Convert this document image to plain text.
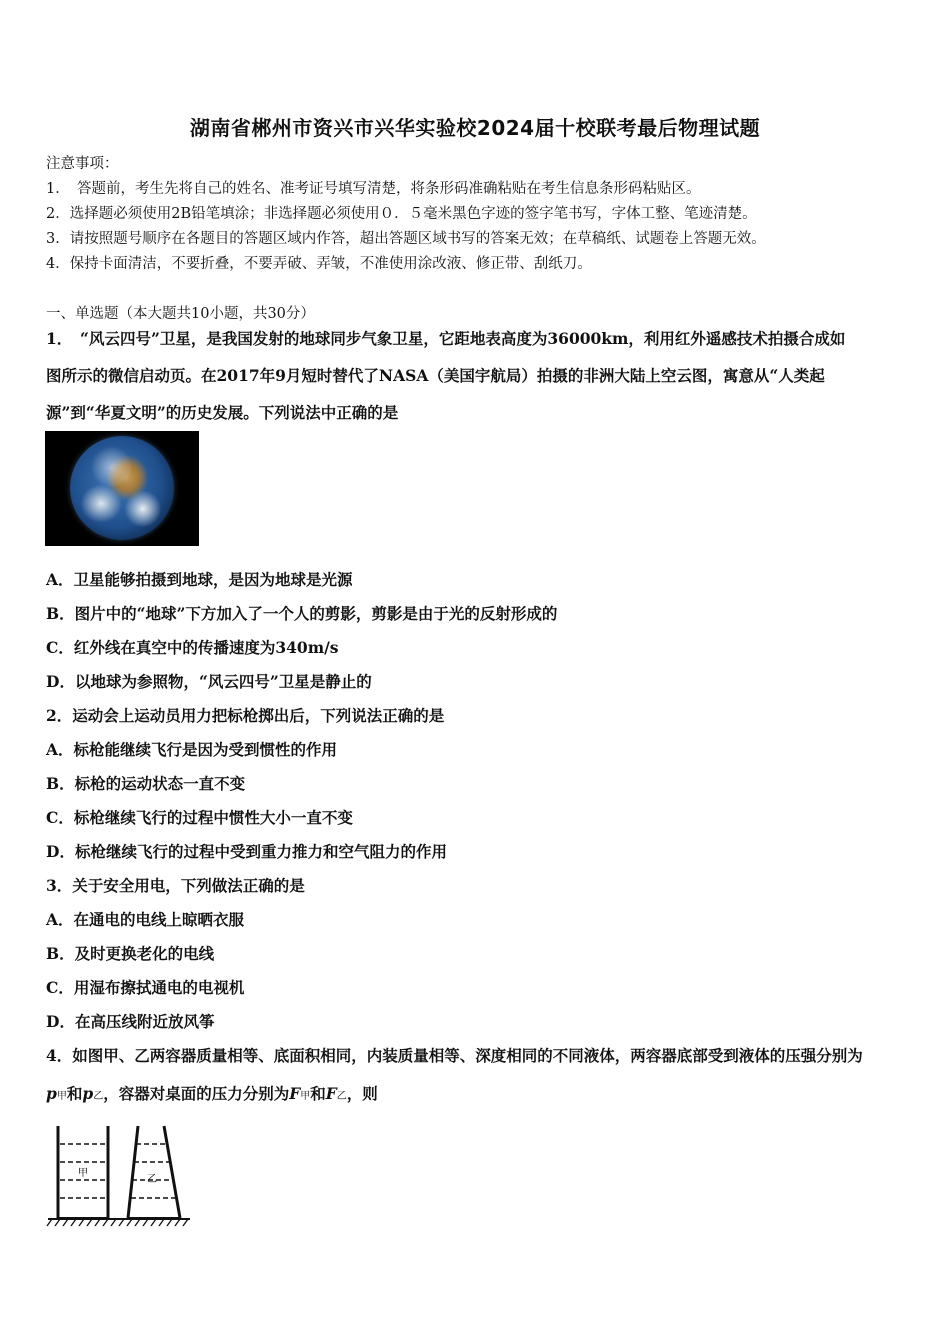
湖南省郴州市资兴市兴华实验校2024届十校联考最后物理试题
注意事项：
1．　答题前，考生先将自己的姓名、准考证号填写清楚，将条形码准确粘贴在考生信息条形码粘贴区。
2．选择题必须使用2B铅笔填涂；非选择题必须使用０．５毫米黑色字迹的签字笔书写，字体工整、笔迹清楚。
3．请按照题号顺序在各题目的答题区域内作答，超出答题区域书写的答案无效；在草稿纸、试题卷上答题无效。
4．保持卡面清洁，不要折叠，不要弄破、弄皱，不准使用涂改液、修正带、刮纸刀。
一、单选题（本大题共10小题，共30分）
1．　“风云四号”卫星，是我国发射的地球同步气象卫星，它距地表高度为36000km，利用红外遥感技术拍摄合成如
图所示的微信启动页。在2017年9月短时替代了NASA（美国宇航局）拍摄的非洲大陆上空云图，寓意从“人类起
源”到“华夏文明”的历史发展。下列说法中正确的是
A．卫星能够拍摄到地球，是因为地球是光源
B．图片中的“地球”下方加入了一个人的剪影，剪影是由于光的反射形成的
C．红外线在真空中的传播速度为340m/s
D．以地球为参照物，“风云四号”卫星是静止的
2．运动会上运动员用力把标枪掷出后，下列说法正确的是
A．标枪能继续飞行是因为受到惯性的作用
B．标枪的运动状态一直不变
C．标枪继续飞行的过程中惯性大小一直不变
D．标枪继续飞行的过程中受到重力推力和空气阻力的作用
3．关于安全用电，下列做法正确的是
A．在通电的电线上晾晒衣服
B．及时更换老化的电线
C．用湿布擦拭通电的电视机
D．在高压线附近放风筝
4．如图甲、乙两容器质量相等、底面积相同，内装质量相等、深度相同的不同液体，两容器底部受到液体的压强分别为
p甲和p乙，容器对桌面的压力分别为F甲和F乙，则
甲
乙
